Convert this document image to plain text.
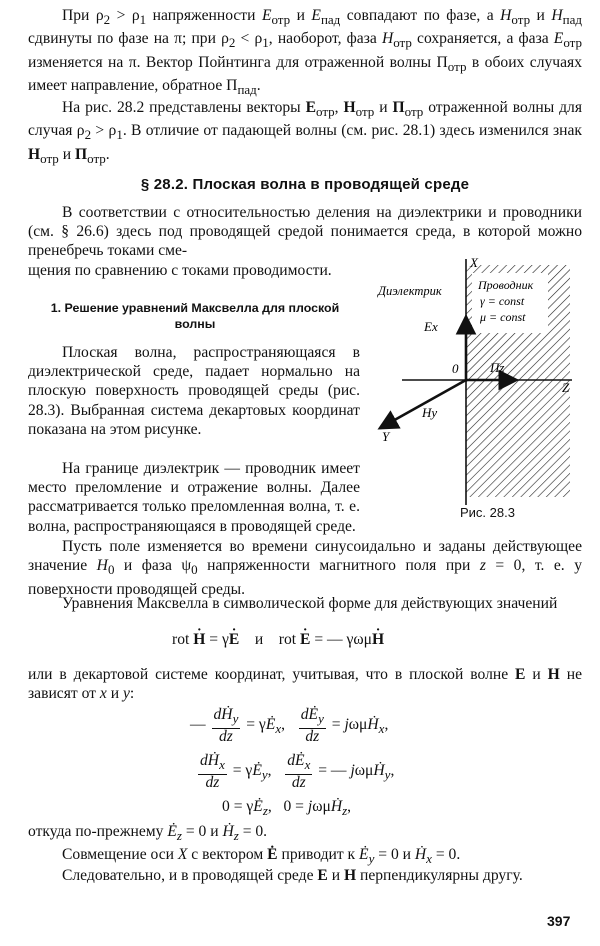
При $\rho_2 > \rho_1$ напряженности $E_{отр}$ и $E_{пад}$ совпадают по фазе, а $H_{отр}$ и $H_{пад}$ сдвинуты по фазе на π; при $\rho_2 < \rho_1$, наоборот, фаза $H_{отр}$ сохраняется, а фаза $E_{отр}$ изменяется на π. Вектор Пойнтинга для отраженной волны $П_{отр}$ в обоих случаях имеет направление, обратное $П_{пад}$.

На рис. 28.2 представлены векторы $E_{отр}$, $H_{отр}$ и $П_{отр}$ отраженной волны для случая $\rho_2 > \rho_1$. В отличие от падающей волны (см. рис. 28.1) здесь изменился знак $H_{отр}$ и $П_{отр}$.

§ 28.2. Плоская волна в проводящей среде

В соответствии с относительностью деления на диэлектрики и проводники (см. § 26.6) здесь под проводящей средой понимается среда, в которой можно пренебречь токами сме-
щения по сравнению с токами проводимости.

1. Решение уравнений Максвелла для плоской волны

Плоская волна, распространяющаяся в диэлектрической среде, падает нормально на плоскую поверхность проводящей среды (рис. 28.3). Выбранная система декартовых координат показана на этом рисунке.

На границе диэлектрик — проводник имеет место преломление и отражение волны. Далее рассматривается только преломленная волна, т. е. волна, распространяющаяся в проводящей среде.

X
Диэлектрик	Проводник
γ = const
μ = const
Ex
0 Пz
Z
Hy
Y
Рис. 28.3

Пусть поле изменяется во времени синусоидально и заданы действующее значение $H_0$ и фаза $\psi_0$ напряженности магнитного поля при z = 0, т. е. у поверхности проводящей среды.

Уравнения Максвелла в символической форме для действующих значений

rot · H = γ· E    и    rot · E = — γωμ· H

или в декартовой системе координат, учитывая, что в плоской волне E и H не зависят от x и y:

— $\frac{dḢ_y}{dz}$ = $\gamma Ė_x$, $\frac{dĖ_y}{dz}$ = jωμḢ$_x$,
$\frac{dḢ_x}{dz}$ = $\gamma Ė_y$, $\frac{dĖ_x}{dz}$ = — jωμḢ$_y$,
$0 = \gamma Ė_z$,   0 = jωμḢ$_z$,

откуда по-прежнему $Ė_z = 0$ и Ḣ$_z$ = 0.

Совмещение оси X с вектором Ė приводит к $Ė_y = 0$ и Ḣ$_x$ = 0.

Следовательно, и в проводящей среде E и H перпендикулярны другу.

397
